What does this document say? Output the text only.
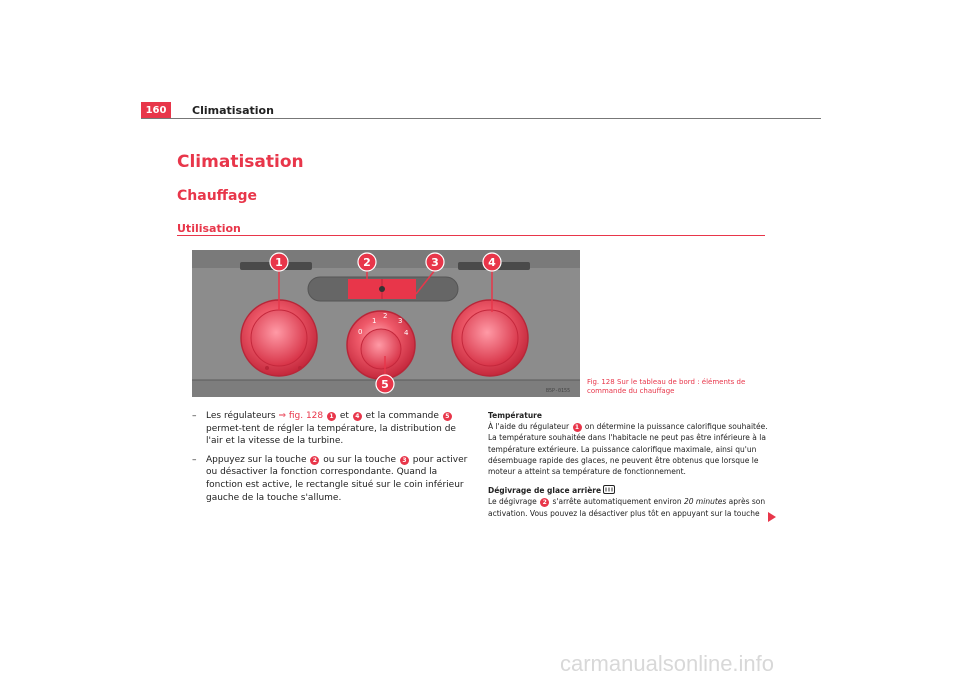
160	Climatisation
Climatisation
Chauffage
Utilisation
0
1
2
3
4
1	2	3	4
5	B5P-0155
Fig. 128 Sur le tableau de bord : éléments de commande du chauffage
– Les régulateurs ⇒ fig. 128 1 et 4 et la commande 5 permet-tent de régler la température, la distribution de l'air et la vitesse de la turbine.
– Appuyez sur la touche 2 ou sur la touche 3 pour activer ou désactiver la fonction correspondante. Quand la fonction est active, le rectangle situé sur le coin inférieur gauche de la touche s'allume.

Température

À l'aide du régulateur 1 on détermine la puissance calorifique souhaitée. La température souhaitée dans l'habitacle ne peut pas être inférieure à la température extérieure. La puissance calorifique maximale, ainsi qu'un désembuage rapide des glaces, ne peuvent être obtenus que lorsque le moteur a atteint sa température de fonctionnement.

Dégivrage de glace arrière

Le dégivrage 2 s'arrête automatiquement environ 20 minutes après son activation. Vous pouvez la désactiver plus tôt en appuyant sur la touche

carmanualsonline.info
